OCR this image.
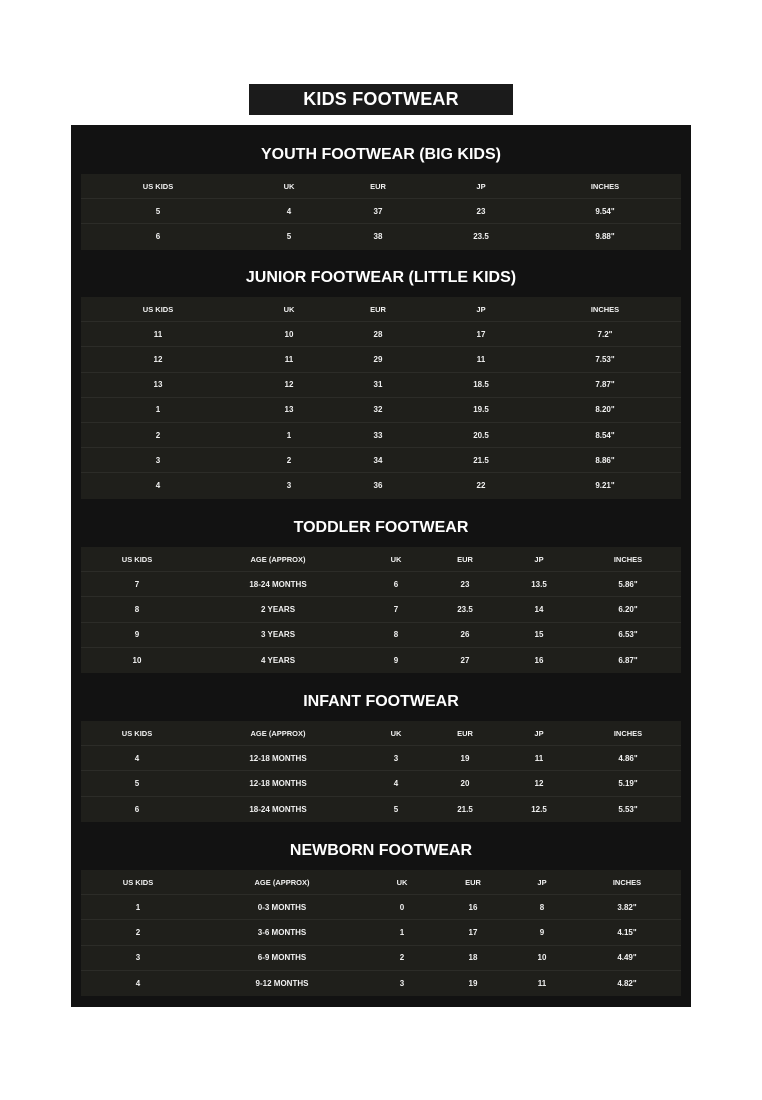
KIDS FOOTWEAR
YOUTH FOOTWEAR (BIG KIDS)
US KIDS	UK	EUR	JP	INCHES
5	4	37	23	9.54"
6	5	38	23.5	9.88"
JUNIOR FOOTWEAR (LITTLE KIDS)
US KIDS	UK	EUR	JP	INCHES
11	10	28	17	7.2"
12	11	29	11	7.53"
13	12	31	18.5	7.87"
1	13	32	19.5	8.20"
2	1	33	20.5	8.54"
3	2	34	21.5	8.86"
4	3	36	22	9.21"
TODDLER FOOTWEAR
US KIDS	AGE (APPROX)	UK	EUR	JP	INCHES
7	18-24 MONTHS	6	23	13.5	5.86"
8	2 YEARS	7	23.5	14	6.20"
9	3 YEARS	8	26	15	6.53"
10	4 YEARS	9	27	16	6.87"
INFANT FOOTWEAR
US KIDS	AGE (APPROX)	UK	EUR	JP	INCHES
4	12-18 MONTHS	3	19	11	4.86"
5	12-18 MONTHS	4	20	12	5.19"
6	18-24 MONTHS	5	21.5	12.5	5.53"
NEWBORN FOOTWEAR
US KIDS	AGE (APPROX)	UK	EUR	JP	INCHES
1	0-3 MONTHS	0	16	8	3.82"
2	3-6 MONTHS	1	17	9	4.15"
3	6-9 MONTHS	2	18	10	4.49"
4	9-12 MONTHS	3	19	11	4.82"
